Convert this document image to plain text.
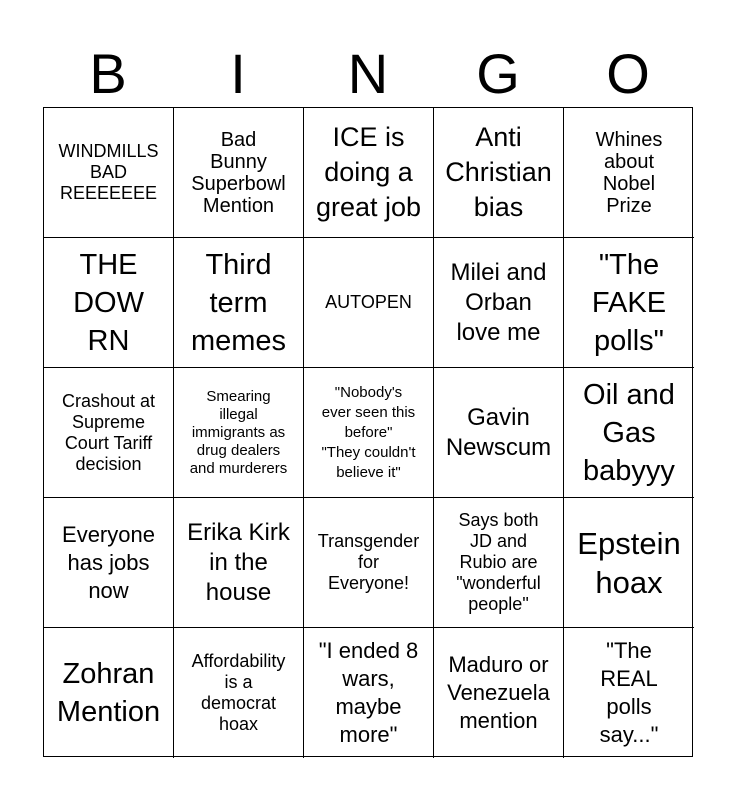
B	I	N	G	O
WINDMILLS
BAD
REEEEEEE
Bad
Bunny
Superbowl
Mention
ICE is
doing a
great job
Anti
Christian
bias
Whines
about
Nobel
Prize
THE
DOW
RN
Third
term
memes
AUTOPEN
Milei and
Orban
love me
"The
FAKE
polls"
Crashout at
Supreme
Court Tariff
decision
Smearing
illegal
immigrants as
drug dealers
and murderers
"Nobody's
ever seen this
before"
"They couldn't
believe it"
Gavin
Newscum
Oil and
Gas
babyyy
Everyone
has jobs
now
Erika Kirk
in the
house
Transgender
for
Everyone!
Says both
JD and
Rubio are
"wonderful
people"
Epstein
hoax
Zohran
Mention
Affordability
is a
democrat
hoax
"I ended 8
wars,
maybe
more"
Maduro or
Venezuela
mention
"The
REAL
polls
say..."
